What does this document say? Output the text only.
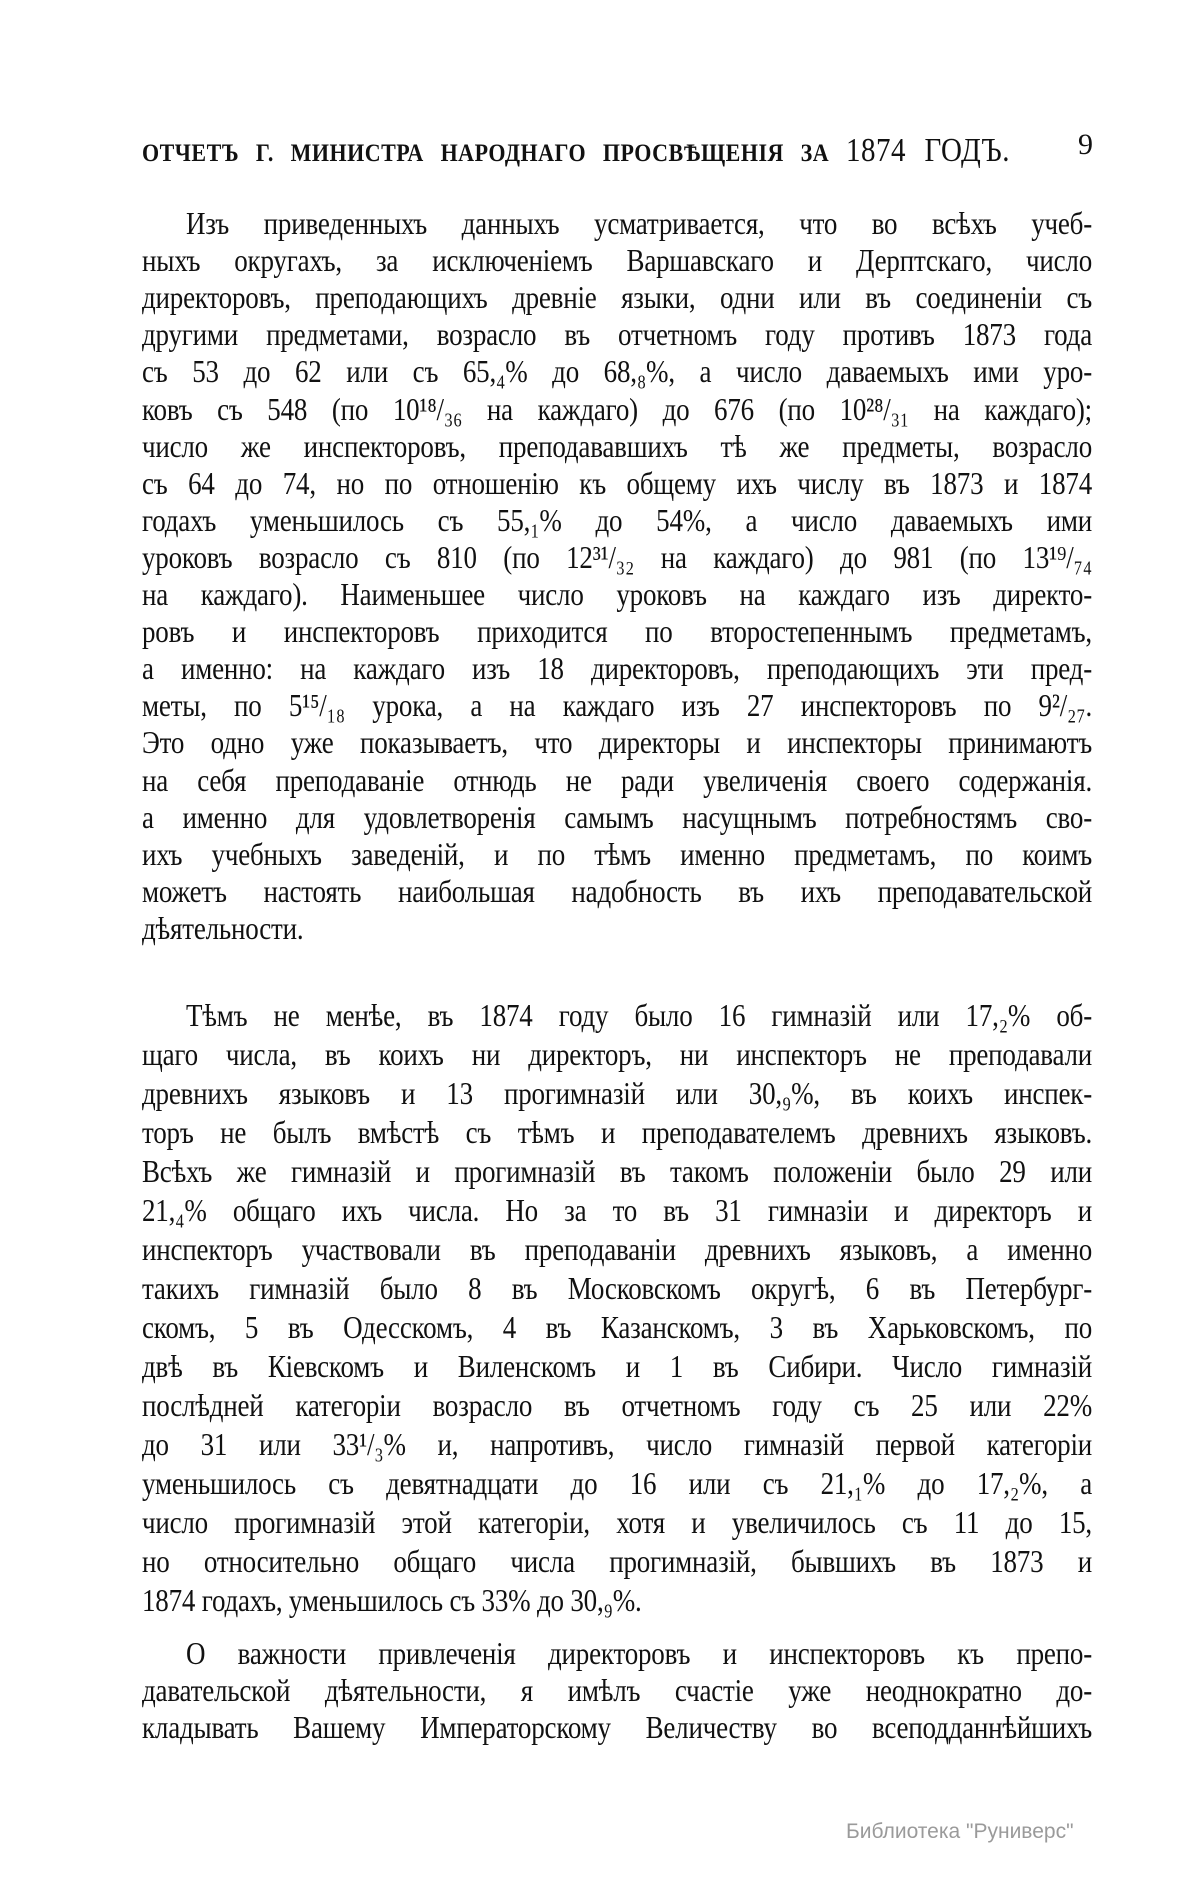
ОТЧЕТЪ Г. МИНИСТРА НАРОДНАГО ПРОСВѢЩЕНІЯ ЗА 1874 ГОДЪ. 9
Изъ приведенныхъ данныхъ усматривается, что во всѣхъ учеб-
ныхъ округахъ, за исключеніемъ Варшавскаго и Дерптскаго, число
директоровъ, преподающихъ древніе языки, одни или въ соединеніи съ
другими предметами, возрасло въ отчетномъ году противъ 1873 года
съ 53 до 62 или съ 65,₄% до 68,₈%, а число даваемыхъ ими уро-
ковъ съ 548 (по 10¹⁸/₃₆ на каждаго) до 676 (по 10²⁸/₃₁ на каждаго);
число же инспекторовъ, преподававшихъ тѣ же предметы, возрасло
съ 64 до 74, но по отношенію къ общему ихъ числу въ 1873 и 1874
годахъ уменьшилось съ 55,₁% до 54%, а число даваемыхъ ими
уроковъ возрасло съ 810 (по 12³¹/₃₂ на каждаго) до 981 (по 13¹⁹/₇₄
на каждаго). Наименьшее число уроковъ на каждаго изъ директо-
ровъ и инспекторовъ приходится по второстепеннымъ предметамъ,
а именно: на каждаго изъ 18 директоровъ, преподающихъ эти пред-
меты, по 5¹⁵/₁₈ урока, а на каждаго изъ 27 инспекторовъ по 9²/₂₇.
Это одно уже показываетъ, что директоры и инспекторы принимаютъ
на себя преподаваніе отнюдь не ради увеличенія своего содержанія.
а именно для удовлетворенія самымъ насущнымъ потребностямъ сво-
ихъ учебныхъ заведеній, и по тѣмъ именно предметамъ, по коимъ
можетъ настоять наибольшая надобность въ ихъ преподавательской
дѣятельности.
Тѣмъ не менѣе, въ 1874 году было 16 гимназій или 17,₂% об-
щаго числа, въ коихъ ни директоръ, ни инспекторъ не преподавали
древнихъ языковъ и 13 прогимназій или 30,₉%, въ коихъ инспек-
торъ не былъ вмѣстѣ съ тѣмъ и преподавателемъ древнихъ языковъ.
Всѣхъ же гимназій и прогимназій въ такомъ положеніи было 29 или
21,₄% общаго ихъ числа. Но за то въ 31 гимназіи и директоръ и
инспекторъ участвовали въ преподаваніи древнихъ языковъ, а именно
такихъ гимназій было 8 въ Московскомъ округѣ, 6 въ Петербург-
скомъ, 5 въ Одесскомъ, 4 въ Казанскомъ, 3 въ Харьковскомъ, по
двѣ въ Кіевскомъ и Виленскомъ и 1 въ Сибири. Число гимназій
послѣдней категоріи возрасло въ отчетномъ году съ 25 или 22%
до 31 или 33¹/₃% и, напротивъ, число гимназій первой категоріи
уменьшилось съ девятнадцати до 16 или съ 21,₁% до 17,₂%, а
число прогимназій этой категоріи, хотя и увеличилось съ 11 до 15,
но относительно общаго числа прогимназій, бывшихъ въ 1873 и
1874 годахъ, уменьшилось съ 33% до 30,₉%.
О важности привлеченія директоровъ и инспекторовъ къ препо-
давательской дѣятельности, я имѣлъ счастіе уже неоднократно до-
кладывать Вашему Императорскому Величеству во всеподданнѣйшихъ
Библиотека "Руниверс"
